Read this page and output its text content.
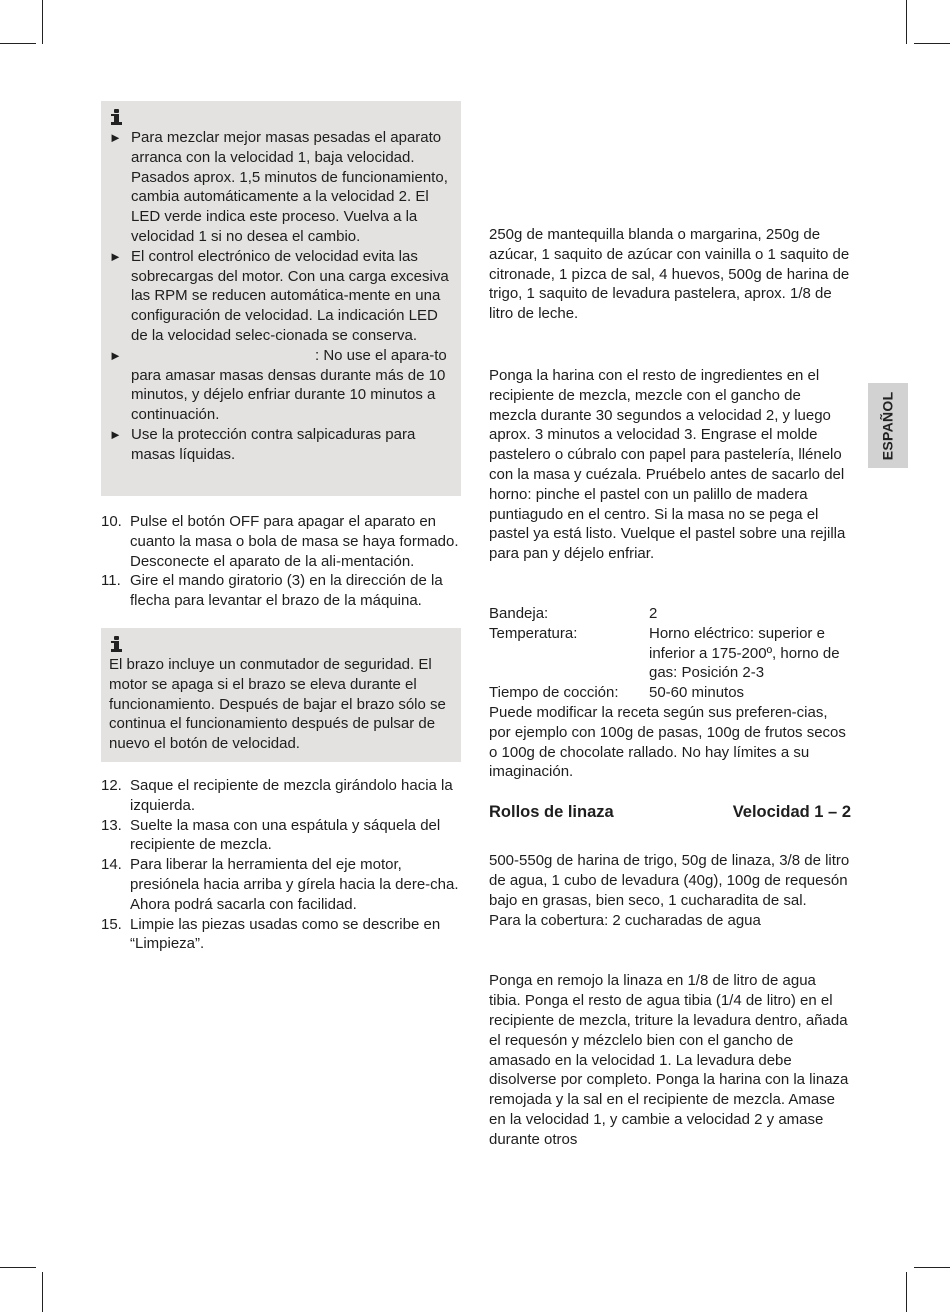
ESPAÑOL
► Para mezclar mejor masas pesadas el aparato arranca con la velocidad 1, baja velocidad. Pasados aprox. 1,5 minutos de funcionamiento, cambia automáticamente a la velocidad 2. El LED verde indica este proceso. Vuelva a la velocidad 1 si no desea el cambio.
► El control electrónico de velocidad evita las sobrecargas del motor. Con una carga excesiva las RPM se reducen automática-mente en una configuración de velocidad. La indicación LED de la velocidad selec-cionada se conserva.
►	: No use el apara-to para amasar masas densas durante más de 10 minutos, y déjelo enfriar durante 10 minutos a continuación.
► Use la protección contra salpicaduras para masas líquidas.
10. Pulse el botón OFF para apagar el aparato en cuanto la masa o bola de masa se haya formado. Desconecte el aparato de la ali-mentación.
11. Gire el mando giratorio (3) en la dirección de la flecha para levantar el brazo de la máquina.

El brazo incluye un conmutador de seguridad. El motor se apaga si el brazo se eleva durante el funcionamiento. Después de bajar el brazo sólo se continua el funcionamiento después de pulsar de nuevo el botón de velocidad.

12. Saque el recipiente de mezcla girándolo hacia la izquierda.
13. Suelte la masa con una espátula y sáquela del recipiente de mezcla.
14. Para liberar la herramienta del eje motor, presiónela hacia arriba y gírela hacia la dere-cha. Ahora podrá sacarla con facilidad.
15. Limpie las piezas usadas como se describe en “Limpieza”.

250g de mantequilla blanda o margarina, 250g de azúcar, 1 saquito de azúcar con vainilla o 1 saquito de citronade, 1 pizca de sal, 4 huevos, 500g de harina de trigo, 1 saquito de levadura pastelera, aprox. 1/8 de litro de leche.

Ponga la harina con el resto de ingredientes en el recipiente de mezcla, mezcle con el gancho de mezcla durante 30 segundos a velocidad 2, y luego aprox. 3 minutos a velocidad 3. Engrase el molde pastelero o cúbralo con papel para pastelería, llénelo con la masa y cuézala. Pruébelo antes de sacarlo del horno: pinche el pastel con un palillo de madera puntiagudo en el centro. Si la masa no se pega el pastel ya está listo. Vuelque el pastel sobre una rejilla para pan y déjelo enfriar.

Bandeja:	2
Temperatura:	Horno eléctrico: superior e inferior a 175-200º, horno de gas: Posición 2-3
Tiempo de cocción:	50-60 minutos

Puede modificar la receta según sus preferen-cias, por ejemplo con 100g de pasas, 100g de frutos secos o 100g de chocolate rallado. No hay límites a su imaginación.

Rollos de linaza	Velocidad 1 – 2

500-550g de harina de trigo, 50g de linaza, 3/8 de litro de agua, 1 cubo de levadura (40g), 100g de requesón bajo en grasas, bien seco, 1 cucharadita de sal.

Para la cobertura: 2 cucharadas de agua

Ponga en remojo la linaza en 1/8 de litro de agua tibia. Ponga el resto de agua tibia (1/4 de litro) en el recipiente de mezcla, triture la levadura dentro, añada el requesón y mézclelo bien con el gancho de amasado en la velocidad 1. La levadura debe disolverse por completo. Ponga la harina con la linaza remojada y la sal en el recipiente de mezcla. Amase en la velocidad 1, y cambie a velocidad 2 y amase durante otros
